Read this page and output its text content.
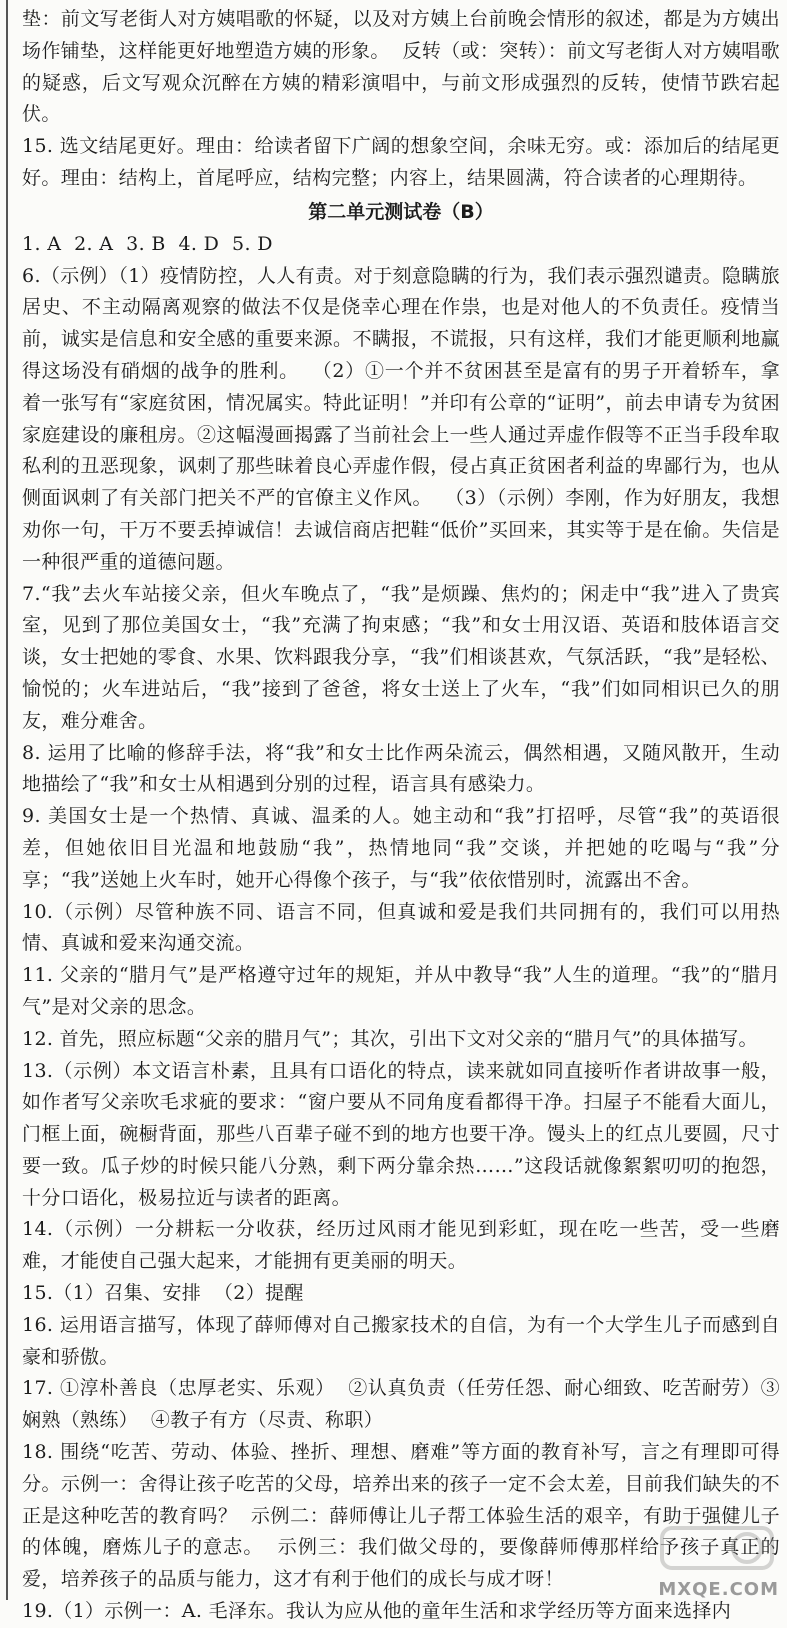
垫：前文写老街人对方姨唱歌的怀疑，以及对方姨上台前晚会情形的叙述，都是为方姨出场作铺垫，这样能更好地塑造方姨的形象。  反转（或：突转）：前文写老街人对方姨唱歌的疑惑，后文写观众沉醉在方姨的精彩演唱中，与前文形成强烈的反转，使情节跌宕起伏。

15. 选文结尾更好。理由：给读者留下广阔的想象空间，余味无穷。或：添加后的结尾更好。理由：结构上，首尾呼应，结构完整；内容上，结果圆满，符合读者的心理期待。

第二单元测试卷（B）

1. A  2. A  3. B  4. D  5. D

6.（示例）（1）疫情防控，人人有责。对于刻意隐瞒的行为，我们表示强烈谴责。隐瞒旅居史、不主动隔离观察的做法不仅是侥幸心理在作祟，也是对他人的不负责任。疫情当前，诚实是信息和安全感的重要来源。不瞒报，不谎报，只有这样，我们才能更顺利地赢得这场没有硝烟的战争的胜利。  （2）①一个并不贫困甚至是富有的男子开着轿车，拿着一张写有“家庭贫困，情况属实。特此证明！”并印有公章的“证明”，前去申请专为贫困家庭建设的廉租房。②这幅漫画揭露了当前社会上一些人通过弄虚作假等不正当手段牟取私利的丑恶现象，讽刺了那些昧着良心弄虚作假，侵占真正贫困者利益的卑鄙行为，也从侧面讽刺了有关部门把关不严的官僚主义作风。  （3）（示例）李刚，作为好朋友，我想劝你一句，干万不要丢掉诚信！去诚信商店把鞋“低价”买回来，其实等于是在偷。失信是一种很严重的道德问题。

7.“我”去火车站接父亲，但火车晚点了，“我”是烦躁、焦灼的；闲走中“我”进入了贵宾室，见到了那位美国女士，“我”充满了拘束感；“我”和女士用汉语、英语和肢体语言交谈，女士把她的零食、水果、饮料跟我分享，“我”们相谈甚欢，气氛活跃，“我”是轻松、愉悦的；火车进站后，“我”接到了爸爸，将女士送上了火车，“我”们如同相识已久的朋友，难分难舍。

8. 运用了比喻的修辞手法，将“我”和女士比作两朵流云，偶然相遇，又随风散开，生动地描绘了“我”和女士从相遇到分别的过程，语言具有感染力。

9. 美国女士是一个热情、真诚、温柔的人。她主动和“我”打招呼，尽管“我”的英语很差，但她依旧目光温和地鼓励“我”，热情地同“我”交谈，并把她的吃喝与“我”分享；“我”送她上火车时，她开心得像个孩子，与“我”依依惜别时，流露出不舍。

10.（示例）尽管种族不同、语言不同，但真诚和爱是我们共同拥有的，我们可以用热情、真诚和爱来沟通交流。

11. 父亲的“腊月气”是严格遵守过年的规矩，并从中教导“我”人生的道理。“我”的“腊月气”是对父亲的思念。

12. 首先，照应标题“父亲的腊月气”；其次，引出下文对父亲的“腊月气”的具体描写。

13.（示例）本文语言朴素，且具有口语化的特点，读来就如同直接听作者讲故事一般，如作者写父亲吹毛求疵的要求：“窗户要从不同角度看都得干净。扫屋子不能看大面儿，门框上面，碗橱背面，那些八百辈子碰不到的地方也要干净。馒头上的红点儿要圆，尺寸要一致。瓜子炒的时候只能八分熟，剩下两分靠余热……”这段话就像絮絮叨叨的抱怨，十分口语化，极易拉近与读者的距离。

14.（示例）一分耕耘一分收获，经历过风雨才能见到彩虹，现在吃一些苦，受一些磨难，才能使自己强大起来，才能拥有更美丽的明天。

15.（1）召集、安排  （2）提醒

16. 运用语言描写，体现了薛师傅对自己搬家技术的自信，为有一个大学生儿子而感到自豪和骄傲。

17. ①淳朴善良（忠厚老实、乐观）  ②认真负责（任劳任怨、耐心细致、吃苦耐劳）③娴熟（熟练）  ④教子有方（尽责、称职）

18. 围绕“吃苦、劳动、体验、挫折、理想、磨难”等方面的教育补写，言之有理即可得分。示例一：舍得让孩子吃苦的父母，培养出来的孩子一定不会太差，目前我们缺失的不正是这种吃苦的教育吗？  示例二：薛师傅让儿子帮工体验生活的艰辛，有助于强健儿子的体魄，磨炼儿子的意志。  示例三：我们做父母的，要像薛师傅那样给予孩子真正的爱，培养孩子的品质与能力，这才有利于他们的成长与成才呀！

19.（1）示例一：A. 毛泽东。我认为应从他的童年生活和求学经历等方面来选择内

MXQE.COM
